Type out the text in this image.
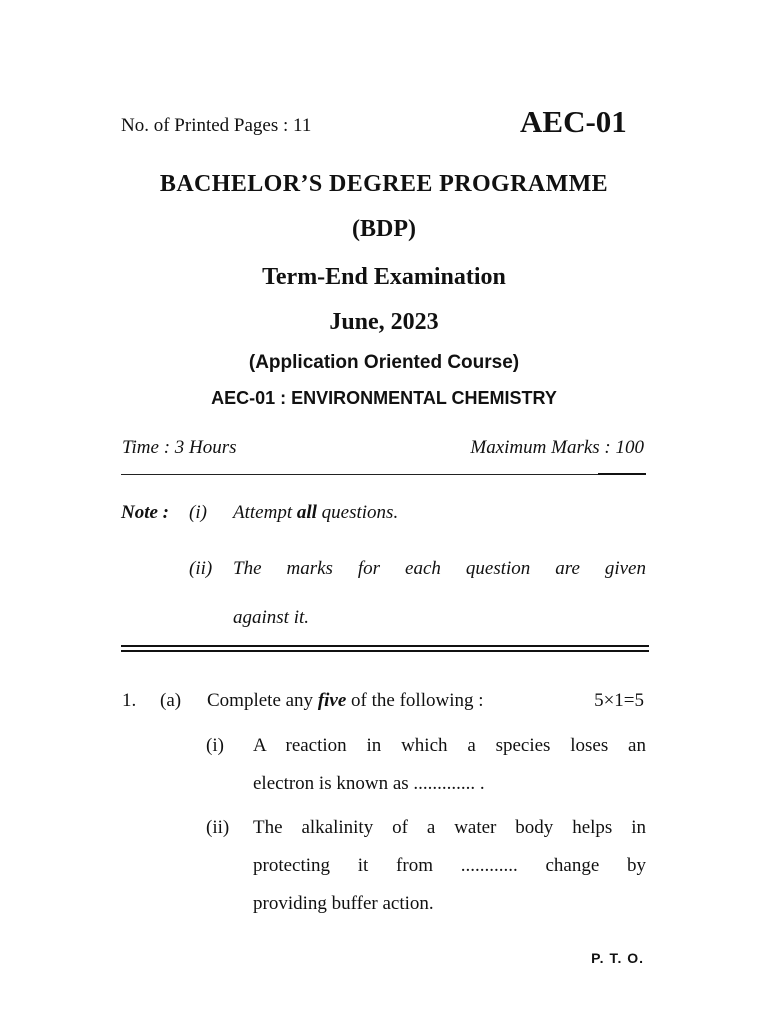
No. of Printed Pages : 11	AEC-01
BACHELOR’S DEGREE PROGRAMME
(BDP)
Term-End Examination
June, 2023
(Application Oriented Course)
AEC-01 : ENVIRONMENTAL CHEMISTRY
Time : 3 Hours	Maximum Marks : 100
Note : (i) Attempt all questions.
(ii) The marks for each question are given
against it.
1. (a) Complete any five of the following :	5×1=5
(i) A reaction in which a species loses an
electron is known as ............. .
(ii) The alkalinity of a water body helps in
protecting it from ............ change by
providing buffer action.
P. T. O.
